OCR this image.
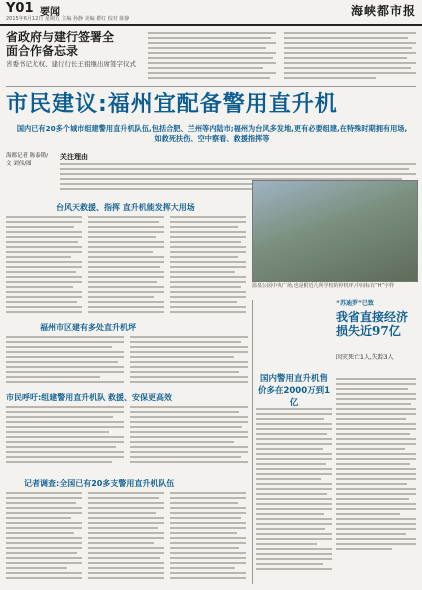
Y01 要闻
2015年6月12日 星期五 主编 孙静 美编 瞿红 校对 陈静
海峡都市报
省政府与建行签署全面合作备忘录
省委书记尤权、建行行长王祖继出席签字仪式
市民建议:福州宜配备警用直升机
国内已有20多个城市组建警用直升机队伍,包括合肥、兰州等内陆市;福州为台风多发地,更有必要组建,在特殊时期拥有用场,如救死扶伤、空中察看、救援指挥等
海都记者 陈泰锵/文 刘伟/图
关注理由
台风天救援、指挥 直升机能发挥大用场
温泉公园中央广场,也是附近几所学校的停机坪,中间标有“H”字样
福州市区建有多处直升机坪
市民呼吁:组建警用直升机队 救援、安保更高效
记者调查:全国已有20多支警用直升机队伍
国内警用直升机售价多在2000万到1亿
“苏迪罗”已致
我省直接经济损失近97亿
因灾死亡1人,失踪3人
